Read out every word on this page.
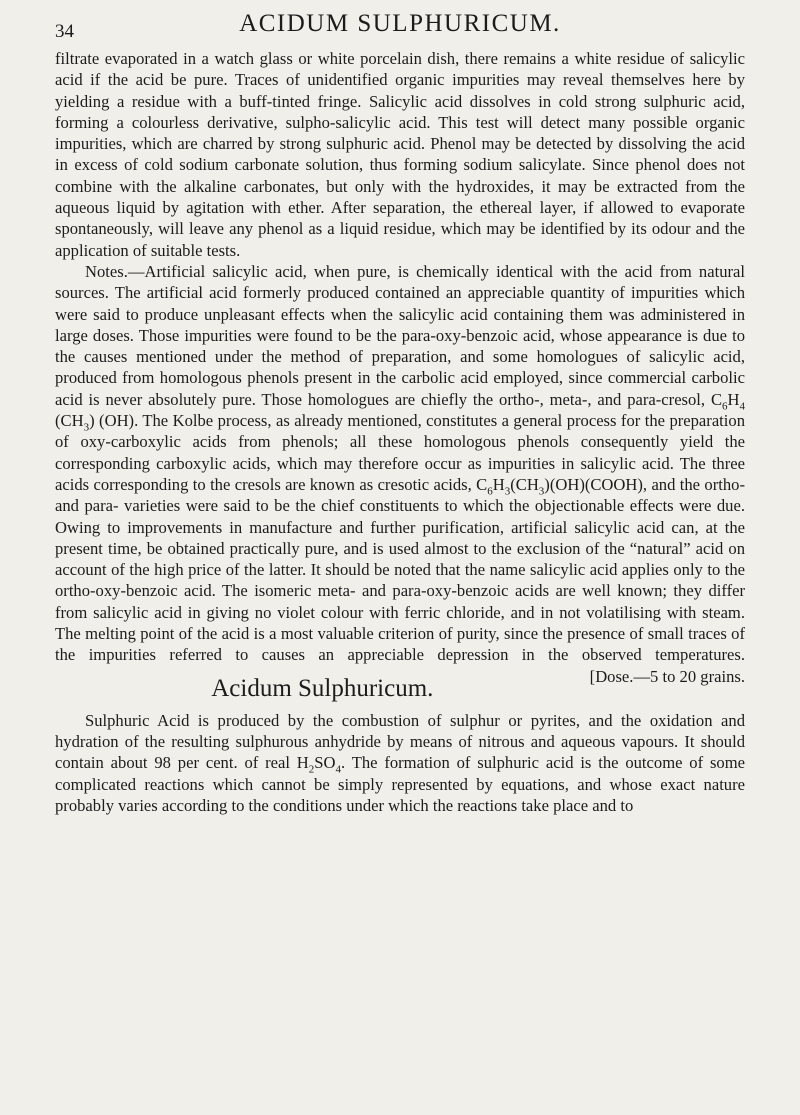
34	ACIDUM SULPHURICUM.

filtrate evaporated in a watch glass or white porcelain dish, there remains a white residue of salicylic acid if the acid be pure. Traces of unidentified organic impurities may reveal themselves here by yielding a residue with a buff-tinted fringe. Salicylic acid dissolves in cold strong sulphuric acid, forming a colourless derivative, sulpho-salicylic acid. This test will detect many possible organic impurities, which are charred by strong sulphuric acid. Phenol may be detected by dissolving the acid in excess of cold sodium carbonate solution, thus forming sodium salicylate. Since phenol does not combine with the alkaline carbonates, but only with the hydroxides, it may be extracted from the aqueous liquid by agitation with ether. After separation, the ethereal layer, if allowed to evaporate spontaneously, will leave any phenol as a liquid residue, which may be identified by its odour and the application of suitable tests.

Notes.—Artificial salicylic acid, when pure, is chemically identical with the acid from natural sources. The artificial acid formerly produced contained an appreciable quantity of impurities which were said to produce unpleasant effects when the salicylic acid containing them was administered in large doses. Those impurities were found to be the para-oxy-benzoic acid, whose appearance is due to the causes mentioned under the method of preparation, and some homologues of salicylic acid, produced from homologous phenols present in the carbolic acid employed, since commercial carbolic acid is never absolutely pure. Those homologues are chiefly the ortho-, meta-, and para-cresol, $C_6H_4$ $(CH_3)$ (OH). The Kolbe process, as already mentioned, constitutes a general process for the preparation of oxy-carboxylic acids from phenols; all these homologous phenols consequently yield the corresponding carboxylic acids, which may therefore occur as impurities in salicylic acid. The three acids corresponding to the cresols are known as cresotic acids, $C_6H_3(CH_3)(OH)(COOH)$, and the ortho- and para- varieties were said to be the chief constituents to which the objectionable effects were due. Owing to improvements in manufacture and further purification, artificial salicylic acid can, at the present time, be obtained practically pure, and is used almost to the exclusion of the “natural” acid on account of the high price of the latter. It should be noted that the name salicylic acid applies only to the ortho-oxy-benzoic acid. The isomeric meta- and para-oxy-benzoic acids are well known; they differ from salicylic acid in giving no violet colour with ferric chloride, and in not volatilising with steam. The melting point of the acid is a most valuable criterion of purity, since the presence of small traces of the impurities referred to causes an appreciable depression in the observed temperatures.
[Dose.—5 to 20 grains.

Acidum Sulphuricum.

Sulphuric Acid is produced by the combustion of sulphur or pyrites, and the oxidation and hydration of the resulting sulphurous anhydride by means of nitrous and aqueous vapours. It should contain about 98 per cent. of real $H_2SO_4$. The formation of sulphuric acid is the outcome of some complicated reactions which cannot be simply represented by equations, and whose exact nature probably varies according to the conditions under which the reactions take place and to
